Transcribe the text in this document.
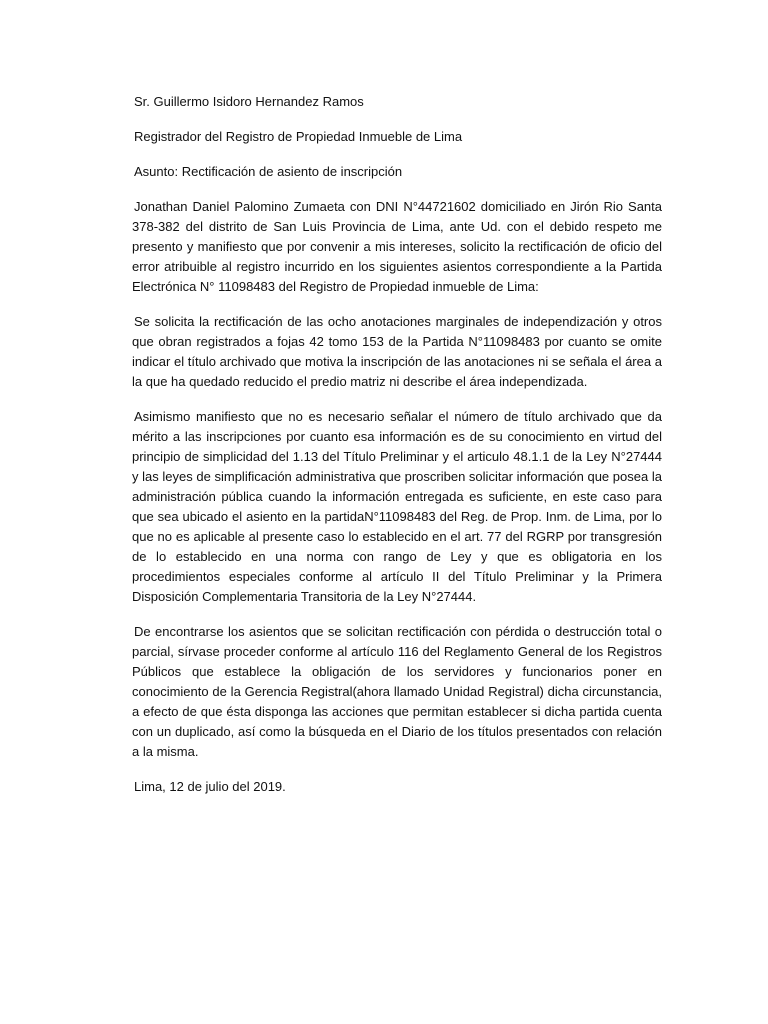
Sr. Guillermo Isidoro Hernandez Ramos

Registrador del Registro de Propiedad Inmueble de Lima

Asunto: Rectificación de asiento de inscripción

Jonathan Daniel Palomino Zumaeta con DNI N°44721602 domiciliado en Jirón Rio Santa 378-382 del distrito de San Luis Provincia de Lima, ante Ud. con el debido respeto me presento y manifiesto que por convenir a mis intereses, solicito la rectificación de oficio del error atribuible al registro incurrido en los siguientes asientos correspondiente a la Partida Electrónica N° 11098483 del Registro de Propiedad inmueble de Lima:

Se solicita la rectificación de las ocho anotaciones marginales de independización y otros que obran registrados a fojas 42 tomo 153 de la Partida N°11098483 por cuanto se omite indicar el título archivado que motiva la inscripción de las anotaciones ni se señala el área a la que ha quedado reducido el predio matriz ni describe el área independizada.

Asimismo manifiesto que no es necesario señalar el número de título archivado que da mérito a las inscripciones por cuanto esa información es de su conocimiento en virtud del principio de simplicidad del 1.13 del Título Preliminar y el articulo 48.1.1 de la Ley N°27444 y las leyes de simplificación administrativa que proscriben solicitar información que posea la administración pública cuando la información entregada es suficiente, en este caso para que sea ubicado el asiento en la partidaN°11098483 del Reg. de Prop. Inm. de Lima, por lo que no es aplicable al presente caso lo establecido en el art. 77 del RGRP por transgresión de lo establecido en una norma con rango de Ley y que es obligatoria en los procedimientos especiales conforme al artículo II del Título Preliminar y la Primera Disposición Complementaria Transitoria de la Ley N°27444.

De encontrarse los asientos que se solicitan rectificación con pérdida o destrucción total o parcial, sírvase proceder conforme al artículo 116 del Reglamento General de los Registros Públicos que establece la obligación de los servidores y funcionarios poner en conocimiento de la Gerencia Registral(ahora llamado Unidad Registral) dicha circunstancia, a efecto de que ésta disponga las acciones que permitan establecer si dicha partida cuenta con un duplicado, así como la búsqueda en el Diario de los títulos presentados con relación a la misma.

Lima, 12 de julio del 2019.
